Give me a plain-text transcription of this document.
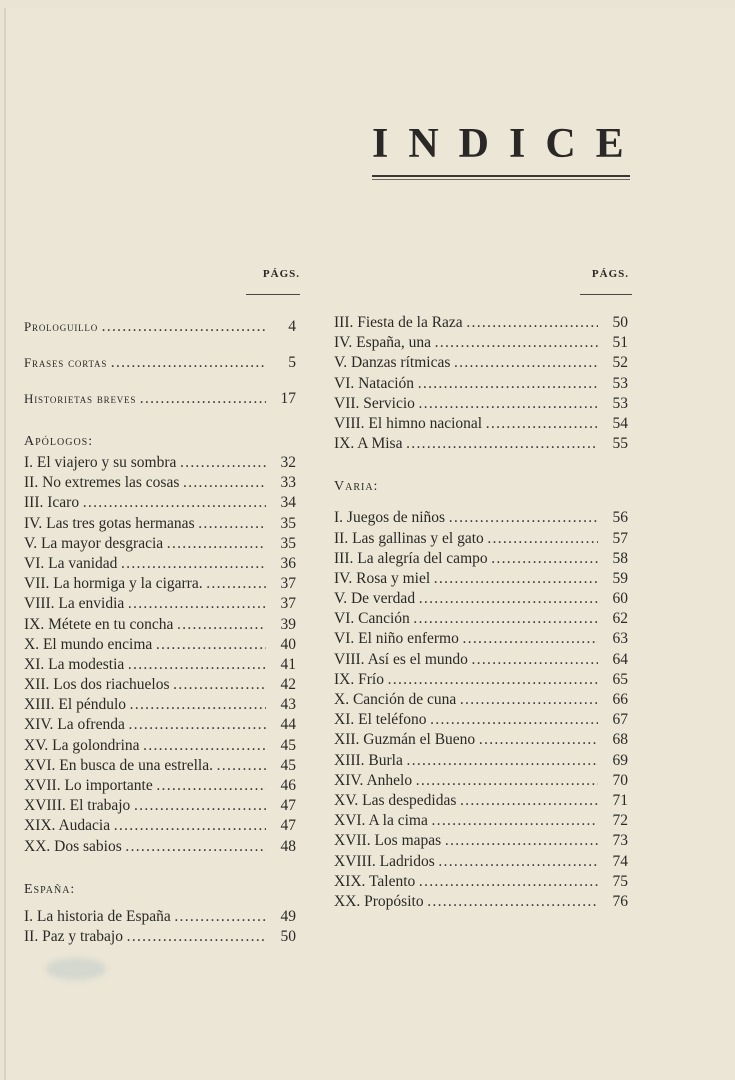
INDICE
PÁGS.
Prologuillo ………………………………………………………………………………	4
Frases cortas ………………………………………………………………………………	5
Historietas breves ………………………………………………………………………………	17
Apólogos:
I. El viajero y su sombra ………………………………………………………………………………	32
II. No extremes las cosas ………………………………………………………………………………	33
III. Icaro ………………………………………………………………………………	34
IV. Las tres gotas hermanas ………………………………………………………………………………	35
V. La mayor desgracia ………………………………………………………………………………	35
VI. La vanidad ………………………………………………………………………………	36
VII. La hormiga y la cigarra. ………………………………………………………………………………	37
VIII. La envidia ………………………………………………………………………………	37
IX. Métete en tu concha ………………………………………………………………………………	39
X. El mundo encima ………………………………………………………………………………	40
XI. La modestia ………………………………………………………………………………	41
XII. Los dos riachuelos ………………………………………………………………………………	42
XIII. El péndulo ………………………………………………………………………………	43
XIV. La ofrenda ………………………………………………………………………………	44
XV. La golondrina ………………………………………………………………………………	45
XVI. En busca de una estrella. ………………………………………………………………………………	45
XVII. Lo importante ………………………………………………………………………………	46
XVIII. El trabajo ………………………………………………………………………………	47
XIX. Audacia ………………………………………………………………………………	47
XX. Dos sabios ………………………………………………………………………………	48
España:
I. La historia de España ………………………………………………………………………………	49
II. Paz y trabajo ………………………………………………………………………………	50
PÁGS.
III. Fiesta de la Raza ………………………………………………………………………………	50
IV. España, una ………………………………………………………………………………	51
V. Danzas rítmicas ………………………………………………………………………………	52
VI. Natación ………………………………………………………………………………	53
VII. Servicio ………………………………………………………………………………	53
VIII. El himno nacional ………………………………………………………………………………	54
IX. A Misa ………………………………………………………………………………	55
Varia:
I. Juegos de niños ………………………………………………………………………………	56
II. Las gallinas y el gato ………………………………………………………………………………	57
III. La alegría del campo ………………………………………………………………………………	58
IV. Rosa y miel ………………………………………………………………………………	59
V. De verdad ………………………………………………………………………………	60
VI. Canción ………………………………………………………………………………	62
VI. El niño enfermo ………………………………………………………………………………	63
VIII. Así es el mundo ………………………………………………………………………………	64
IX. Frío ………………………………………………………………………………	65
X. Canción de cuna ………………………………………………………………………………	66
XI. El teléfono ………………………………………………………………………………	67
XII. Guzmán el Bueno ………………………………………………………………………………	68
XIII. Burla ………………………………………………………………………………	69
XIV. Anhelo ………………………………………………………………………………	70
XV. Las despedidas ………………………………………………………………………………	71
XVI. A la cima ………………………………………………………………………………	72
XVII. Los mapas ………………………………………………………………………………	73
XVIII. Ladridos ………………………………………………………………………………	74
XIX. Talento ………………………………………………………………………………	75
XX. Propósito ………………………………………………………………………………	76
